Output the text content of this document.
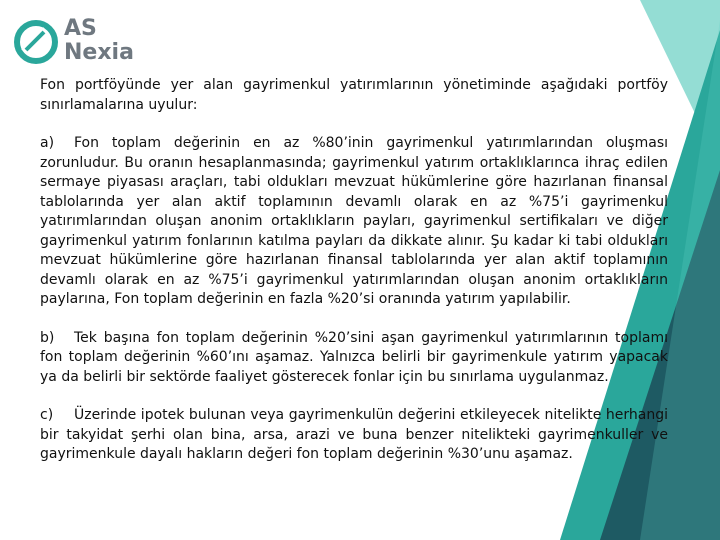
AS
Nexia

Fon portföyünde yer alan gayrimenkul yatırımlarının yönetiminde aşağıdaki portföy sınırlamalarına uyulur:

a) Fon toplam değerinin en az %80’inin gayrimenkul yatırımlarından oluşması zorunludur. Bu oranın hesaplanmasında; gayrimenkul yatırım ortaklıklarınca ihraç edilen sermaye piyasası araçları, tabi oldukları mevzuat hükümlerine göre hazırlanan finansal tablolarında yer alan aktif toplamının devamlı olarak en az %75’i gayrimenkul yatırımlarından oluşan anonim ortaklıkların payları, gayrimenkul sertifikaları ve diğer gayrimenkul yatırım fonlarının katılma payları da dikkate alınır. Şu kadar ki tabi oldukları mevzuat hükümlerine göre hazırlanan finansal tablolarında yer alan aktif toplamının devamlı olarak en az %75’i gayrimenkul yatırımlarından oluşan anonim ortaklıkların paylarına, Fon toplam değerinin en fazla %20’si oranında yatırım yapılabilir.

b) Tek başına fon toplam değerinin %20’sini aşan gayrimenkul yatırımlarının toplamı fon toplam değerinin %60’ını aşamaz. Yalnızca belirli bir gayrimenkule yatırım yapacak ya da belirli bir sektörde faaliyet gösterecek fonlar için bu sınırlama uygulanmaz.

c) Üzerinde ipotek bulunan veya gayrimenkulün değerini etkileyecek nitelikte herhangi bir takyidat şerhi olan bina, arsa, arazi ve buna benzer nitelikteki gayrimenkuller ve gayrimenkule dayalı hakların değeri fon toplam değerinin %30’unu aşamaz.
